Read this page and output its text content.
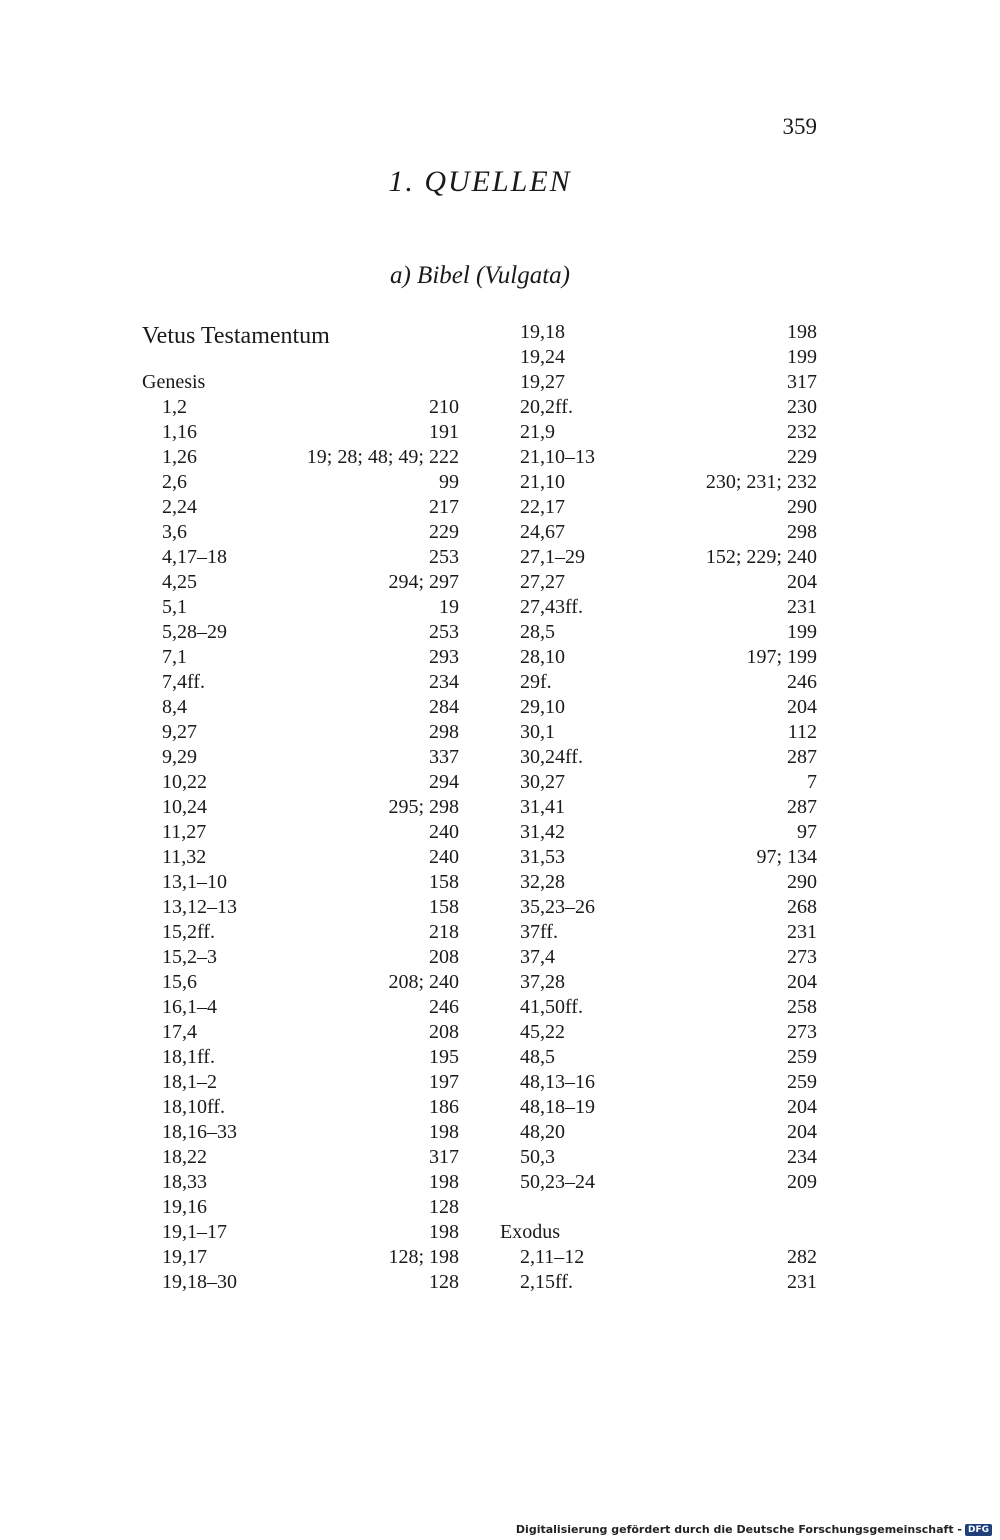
359
1. QUELLEN
a) Bibel (Vulgata)
Vetus Testamentum
Genesis
1,2	210
1,16	191
1,26	19; 28; 48; 49; 222
2,6	99
2,24	217
3,6	229
4,17–18	253
4,25	294; 297
5,1	19
5,28–29	253
7,1	293
7,4ff.	234
8,4	284
9,27	298
9,29	337
10,22	294
10,24	295; 298
11,27	240
11,32	240
13,1–10	158
13,12–13	158
15,2ff.	218
15,2–3	208
15,6	208; 240
16,1–4	246
17,4	208
18,1ff.	195
18,1–2	197
18,10ff.	186
18,16–33	198
18,22	317
18,33	198
19,16	128
19,1–17	198
19,17	128; 198
19,18–30	128
19,18	198
19,24	199
19,27	317
20,2ff.	230
21,9	232
21,10–13	229
21,10	230; 231; 232
22,17	290
24,67	298
27,1–29	152; 229; 240
27,27	204
27,43ff.	231
28,5	199
28,10	197; 199
29f.	246
29,10	204
30,1	112
30,24ff.	287
30,27	7
31,41	287
31,42	97
31,53	97; 134
32,28	290
35,23–26	268
37ff.	231
37,4	273
37,28	204
41,50ff.	258
45,22	273
48,5	259
48,13–16	259
48,18–19	204
48,20	204
50,3	234
50,23–24	209
Exodus
2,11–12	282
2,15ff.	231
Digitalisierung gefördert durch die Deutsche Forschungsgemeinschaft - DFG
